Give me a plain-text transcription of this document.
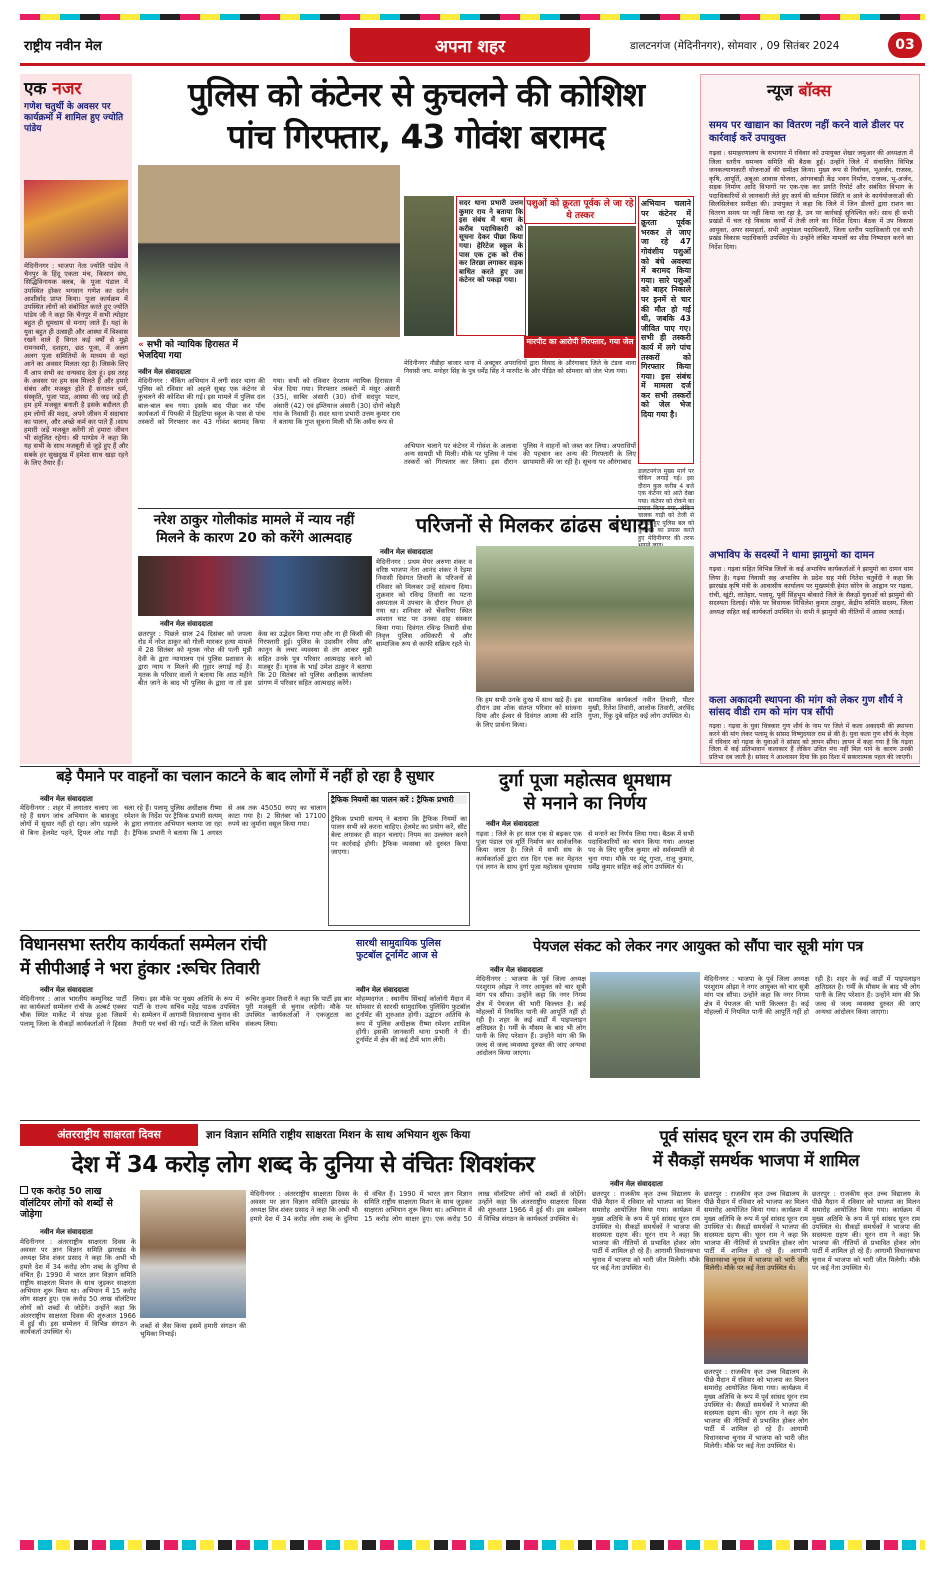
राष्ट्रीय नवीन मेल	अपना शहर	डालटनगंज (मेदिनीनगर), सोमवार , 09 सितंबर 2024	03
एक नजर
गणेश चतुर्थी के अवसर पर कार्यक्रमों में शामिल हुए ज्योति पांडेय
मेदिनीनगर : भाजपा नेता ज्योति पांडेय ने चैनपुर के हिंदू एकता मंच, किसान संघ, सिद्धिविनायक क्लब, के पूजा पंडाल में उपस्थित होकर भगवान गणेश का दर्शन आशीर्वाद प्राप्त किया। पूजा कार्यक्रम में उपस्थित लोगों को संबोधित करते हुए ज्योति पांडेय जी ने कहा कि चैनपुर में सभी त्योहार बहुत ही धूमधाम से मनाए जाते हैं। यहां के युवा बहुत ही उत्साही और आस्था में विश्वास रखने वाले हैं विगत कई वर्षों से मुझे रामनवमी, दशहरा, छठ पूजा, में अलग अलग पूजा समितियों के माध्यम से यहां आने का अवसर मिलता रहा है। जिसके लिए मैं आप सभी का धन्यवाद देता हूं। इस तरह के अवसर पर हम सब मिलते हैं और हमारे संबंध और मजबूत होते हैं सनातन धर्म, संस्कृति, पूजा पाठ, आस्था की जड़ जड़ें ही हम हमें मजबूत बनाती है इसके बदौलत ही हम लोगों की मदद, अपने जीवन में सदाचार का पालन, और अच्छे कर्म कर पाते हैं ।साथ हमारी जड़ें मजबूत करेंगी तो हमारा जीवन भी संतुलित रहेगा। श्री पाण्डेय ने कहा कि यह सभी के साथ मजबूती से जुड़े हुए हैं और सबके हर सुखदुख में हमेशा साथ खड़ा रहने के लिए तैयार हैं।
पुलिस को कंटेनर से कुचलने की कोशिश
पांच गिरफ्तार, 43 गोवंश बरामद
« सभी को न्यायिक हिरासत में भेजदिया गया
नवीन मेल संवाददाता
मेदिनीनगर : चैंकिंग अभियान में लगी सदर थाना की पुलिस को रविवार को अहले सुबह एक कंटेनर से कुचलने की कोशिश की गई। इस मामले में पुलिस दल बाल-बाल बच गया। इसके बाद पीछा कर पाँच कार्यकर्ता में पियकी में डिहटिया स्कूल के पास से पांच तस्करों को गिरफ्तार कर 43 गोवंश बरामद किया गया। सभी को रविवार देरशाम न्यायिक हिरासत में भेज दिया गया। गिरफ्तार तस्करों में मंसूर अंसारी (35), साबिर अंसारी (30) दोनों सदपुर पाटन, अंसारी (42) एवं इम्तियाज अंसारी (30) दोनों कोइरी गांव के निवासी हैं। सदर थाना प्रभारी उत्तम कुमार राय ने बताया कि गुप्त सूचना मिली थी कि अवैध रूप से
सदर थाना प्रभारी उत्तम कुमार राय ने बताया कि इस संबंध में थाना के करीब पदाधिकारी को सूचना देकर पीछा किया गया। हेरिटेज स्कूल के पास एक ट्रक को रोक कर तिरछा लगाकर सड़क बाधित करते हुए उस कंटेनर को पकड़ा गया।
पशुओं को क्रूरता पूर्वक ले जा रहे थे तस्कर
अभियान चलाने पर कंटेनर में क्रूरता पूर्वक भरकर ले जाए जा रहे 47 गोवंशीय पशुओं को बंधे अवस्था में बरामद किया गया। सारे पशुओं को बाहर निकाले पर इनमें से चार की मौत हो गई थी, जबकि 43 जीवित पाए गए। सभी ही तस्करी कार्य में लगे पांच तस्करों को गिरफ्तार किया गया। इस संबंध में मामला दर्ज कर सभी तस्करों को जेल भेज दिया गया है।
मारपीट का आरोपी गिरफ्तार, गया जेल
मेदिनीनगर नौडीहा बाजार थाना में अक्टूबर अपराधियों द्वारा विवाद के औरंगाबाद जिले के टंडवा थाना निवासी जय. मनोहर सिंह के पुत्र धर्मेंद्र सिंह ने मारपीट के और पीड़ित को सोमवार को जेल भेजा गया।
अभियान चलाने पर कंटेनर में गोवंश के अलावा अन्य सामग्री भी मिली। मौके पर पुलिस ने पांच तस्करों को गिरफ्तार कर लिया। इस दौरान पुलिस ने वाहनों को जब्त कर लिया। अपराधियों की पहचान कर अन्य की गिरफ्तारी के लिए छापामारी की जा रही है। सूचना पर औरंगाबाद
डालटनगंज मुख्य मार्ग पर चेकिंग लगाई गई। इस दौरान कुल करीब 4 बजे एक कंटेनर को आते देखा गया। कंटेनर को रोकने का चालक गाड़ी को तेजी से चलाते हुए पुलिस बल को कुचलते का प्रयास करते हुए मेदिनीनगर की तरफ
न्यूज बॉक्स
समय पर खाद्यान का वितरण नहीं करने वाले डीलर पर कार्रवाई करें उपायुक्त
गढ़वा : समाहरणालय के सभागार में रविवार को उपायुक्त शेखर जमुआर की अध्यक्षता में जिला स्तरीय समन्वय समिति की बैठक हुई। उन्होंने जिले में संचालित विभिन्न जनकल्याणकारी योजनाओं की समीक्षा किया। मुख्य रूप से निर्वाचन, भूअर्जन, राजस्व, कृषि, आपूर्ति, अबुआ आवास योजना, आंगनबाड़ी केंद्र भवन निर्माण, राजस्व, भू-अर्जन, सड़क निर्माण आदि विभागों पर एक-एक कर प्रगति रिपोर्ट और संबंधित विभाग के पदाधिकारियों से जानकारी लेते हुए कार्य की वर्तमान स्थिति व आने के कार्ययोजनाओं की सिलसिलेवार समीक्षा की। उपायुक्त ने कहा कि जिले में जिन डीलरों द्वारा राशन का वितरण समय पर नहीं किया जा रहा है, उन पर कार्रवाई सुनिश्चित करें। साथ ही सभी प्रखंडों में चल रहे विकास कार्यों में तेजी लाने का निर्देश दिया। बैठक में उप विकास आयुक्त, अपर समाहर्ता, सभी अनुमंडल पदाधिकारी, जिला स्तरीय पदाधिकारी एवं सभी प्रखंड विकास पदाधिकारी उपस्थित थे। उन्होंने लंबित मामलों का शीघ्र निष्पादन करने का निर्देश दिया।
अभाविप के सदस्यों ने थामा झामुमो का दामन
गढ़वा : गढ़वा सहित विभिन्न जिलों के कई अभाविप कार्यकर्ताओं ने झामुमो का दामन थाम लिया है। गढ़वा निवासी सह अभाविप के प्रदेश सह मंत्री नितेश चतुर्वेदी ने कहा कि झारखंड कृषि मंत्री के आवासीय कार्यालय पर मुख्यमंत्री हेमंत सोरेन के आह्वान पर गढ़वा, रांची, खूंटी, लातेहार, पलामू, पूर्वी सिंहभूम बोकारो जिले के सैकड़ों युवाओं को झामुमो की सदस्यता दिलाई। मौके पर विधायक मिथिलेश कुमार ठाकुर, केंद्रीय समिति सदस्य, जिला अध्यक्ष सहित कई कार्यकर्ता उपस्थित थे। सभी ने झामुमो की नीतियों में आस्था जताई।
कला अकादमी स्थापना की मांग को लेकर गुण शौर्य ने सांसद वीडी राम को मांग पत्र सौंपी
गढ़वा : गढ़वा के युवा चित्रकार गुण शौर्य के नाम पर जिले में कला अकादमी की स्थापना करने की मांग लेकर पलामू के सांसद विष्णुदयाल राम से की है। युवा कला गुण शौर्य के नेतृत्व में रविवार को गढ़वा के युवाओं ने सांसद को ज्ञापन सौंपा। ज्ञापन में कहा गया है कि गढ़वा जिला में कई प्रतिभावान कलाकार हैं लेकिन उचित मंच नहीं मिल पाने के कारण उनकी प्रतिभा दब जाती है। सांसद ने आश्वासन दिया कि इस दिशा में सकारात्मक पहल की जाएगी।
नरेश ठाकुर गोलीकांड मामले में न्याय नहीं
मिलने के कारण 20 को करेंगे आत्मदाह
नवीन मेल संवाददाता
छतरपुर : पिछले साल 24 दिसंबर को जपला रोड में नरेश ठाकुर को गोली मारकर हत्या मामले में 28 सितंबर को मृतक नरेश की पत्नी मुन्नी देवी के द्वारा न्यायालय एवं पुलिस प्रशासन के द्वारा न्याय न मिलने की गुहार लगाई गई है। मृतक के परिवार वालों ने बताया कि आठ महीने बीत जाने के बाद भी पुलिस के द्वारा ना तो इस केस का उद्भेदन किया गया और ना ही किसी की गिरफ्तारी हुई। पुलिस के उदासीन रवैया और कानून के लचर व्यवस्था से तंग आकर मुन्नी सहित उनके पुत्र परिवार आत्मदाह करने को मजबूर हैं। मृतक के भाई उमेश ठाकुर ने बताया कि 20 सितंबर को पुलिस अधीक्षक कार्यालय प्रांगण में परिवार सहित आत्मदाह करेंगे।
परिजनों से मिलकर ढांढस बंधाया
नवीन मेल संवाददाता
मेदिनीनगर : प्रथम मेयर अरुणा शंकर व वरिष्ठ भाजपा नेता आनंद शंकर ने रेड़मा निवासी दिवंगत तिवारी के परिजनों से रविवार को मिलकर उन्हें सांत्वना दिया। शुक्रवार को रविन्द्र तिवारी का पटना अस्पताल में उपचार के दौरान निधन हो गया था। शनिवार को चेंकरिया स्थित श्मशान घाट पर उनका दाह संस्कार किया गया। दिवंगत रविन्द्र तिवारी सेवा निवृत्त पुलिस अधिकारी थे और सामाजिक रूप से काफी सक्रिय रहते थे।
कि हम सभी उनके दुःख में साथ खड़े हैं। इस दौरान उस शोक संतप्त परिवार को सांत्वना दिया और ईश्वर से दिवंगत आत्मा की शांति के लिए प्रार्थना किया।
सामाजिक कार्यकर्ता नवीन तिवारी, पीटर मुखी, रितेश तिवारी, आलोक तिवारी, अरविंद गुप्ता, रिंकु दुबे सहित कई लोग उपस्थित थे।
बड़े पैमाने पर वाहनों का चलान काटने के बाद लोगों में नहीं हो रहा है सुधार
नवीन मेल संवाददाता
मेदिनीनगर : शहर में लगातार चलाए जा रहे हैं सघन जांच अभियान के बावजूद लोगों में सुधार नहीं हो रहा। लोग धड़ल्ले से बिना हेलमेट पहने, ट्रिपल लोड गाड़ी चला रहे हैं। पलामू पुलिस अधीक्षक रीष्मा रमेशन के निर्देश पर ट्रैफिक प्रभारी सत्यम् के द्वारा लगातार अभियान चलाया जा रहा है। ट्रैफिक प्रभारी ने बताया कि 1 अगस्त से अब तक 45050 रुपए का चालान काटा गया है। 2 सितंबर को 17100 रुपये का जुर्माना वसूल किया गया।
ट्रैफिक नियमों का पालन करें : ट्रैफिक प्रभारी
ट्रैफिक प्रभारी सत्यम् ने बताया कि ट्रैफिक नियमों का पालन सभी को करना चाहिए। हेलमेट का प्रयोग करें, सीट बेल्ट लगाकर ही वाहन चलाएं। नियम का उल्लंघन करने पर कार्रवाई होगी। ट्रैफिक व्यवस्था को दुरुस्त किया जाएगा।
दुर्गा पूजा महोत्सव धूमधाम
से मनाने का निर्णय
नवीन मेल संवाददाता
गढ़वा : जिले के हर साल एक से बढ़कर एक पूजा पंडाल एवं मूर्ति निर्माण कर सार्वजनिक किया जाता है। जिले में सभी संघ के कार्यकर्ताओं द्वारा रात दिन एक कर मेहनत एवं लगन के साथ दुर्गा पूजा महोत्सव धूमधाम से मनाने का निर्णय लिया गया। बैठक में सभी पदाधिकारियों का चयन किया गया। अध्यक्ष पद के लिए सुनील कुमार को सर्वसम्मति से चुना गया। मौके पर मंटू गुप्ता, राजू कुमार, धर्मेंद्र कुमार सहित कई लोग उपस्थित थे।
विधानसभा स्तरीय कार्यकर्ता सम्मेलन रांची
में सीपीआई ने भरा हुंकार :रूचिर तिवारी
नवीन मेल संवाददाता
मेदिनीनगर : आज भारतीय कम्युनिस्ट पार्टी का कार्यकर्ता सम्मेलन रांची के अल्बर्ट एक्का चौक स्थित मार्केट में संपन्न हुआ जिसमें पलामू जिला के सैकड़ों कार्यकर्ताओं ने हिस्सा लिया। इस मौके पर मुख्य अतिथि के रूप में पार्टी के राज्य सचिव महेंद्र पाठक उपस्थित थे। सम्मेलन में आगामी विधानसभा चुनाव की तैयारी पर चर्चा की गई। पार्टी के जिला सचिव रूचिर कुमार तिवारी ने कहा कि पार्टी इस बार पूरी मजबूती से चुनाव लड़ेगी। मौके पर उपस्थित कार्यकर्ताओं ने एकजुटता का संकल्प लिया।
सारथी सामुदायिक पुलिस फुटबॉल टूर्नामेंट आज से
नवीन मेल संवाददाता
मोहम्मदगंज : स्थानीय सिंचाई कॉलोनी मैदान में सोमवार से सारथी सामुदायिक पुलिसिंग फुटबॉल टूर्नामेंट की शुरुआत होगी। उद्घाटन अतिथि के रूप में पुलिस अधीक्षक रीष्मा रमेशन शामिल होंगी। इसकी जानकारी थाना प्रभारी ने दी। टूर्नामेंट में क्षेत्र की कई टीमें भाग लेंगी।
पेयजल संकट को लेकर नगर आयुक्त को सौंपा चार सूत्री मांग पत्र
नवीन मेल संवाददाता
मेदिनीनगर : भाजपा के पूर्व जिला अध्यक्ष परशुराम ओझा ने नगर आयुक्त को चार सूत्री मांग पत्र सौंपा। उन्होंने कहा कि नगर निगम क्षेत्र में पेयजल की भारी किल्लत है। कई मोहल्लों में नियमित पानी की आपूर्ति नहीं हो रही है। शहर के कई वार्डों में पाइपलाइन क्षतिग्रस्त है। गर्मी के मौसम के बाद भी लोग पानी के लिए परेशान हैं। उन्होंने मांग की कि जल्द से जल्द व्यवस्था दुरुस्त की जाए अन्यथा आंदोलन किया जाएगा।
मेदिनीनगर : भाजपा के पूर्व जिला अध्यक्ष परशुराम ओझा ने नगर आयुक्त को चार सूत्री मांग पत्र सौंपा। उन्होंने कहा कि नगर निगम क्षेत्र में पेयजल की भारी किल्लत है। कई मोहल्लों में नियमित पानी की आपूर्ति नहीं हो रही है। शहर के कई वार्डों में पाइपलाइन क्षतिग्रस्त है। गर्मी के मौसम के बाद भी लोग पानी के लिए परेशान हैं। उन्होंने मांग की कि जल्द से जल्द व्यवस्था दुरुस्त की जाए अन्यथा आंदोलन किया जाएगा।
अंतरराष्ट्रीय साक्षरता दिवस	ज्ञान विज्ञान समिति राष्ट्रीय साक्षरता मिशन के साथ अभियान शुरू किया
देश में 34 करोड़ लोग शब्द के दुनिया से वंचितः शिवशंकर
एक करोड़ 50 लाख वॉलंटियर लोगों को शब्दों से जोड़ेगा
नवीन मेल संवाददाता
मेदिनीनगर : अंतरराष्ट्रीय साक्षरता दिवस के अवसर पर ज्ञान विज्ञान समिति झारखंड के अध्यक्ष शिव शंकर प्रसाद ने कहा कि अभी भी हमारे देश में 34 करोड़ लोग शब्द के दुनिया से वंचित हैं। 1990 में भारत ज्ञान विज्ञान समिति राष्ट्रीय साक्षरता मिशन के साथ जुड़कर साक्षरता अभियान शुरू किया था। अभियान में 15 करोड़ लोग साक्षर हुए। एक करोड़ 50 लाख वॉलंटियर लोगों को शब्दों से जोड़ेंगे। उन्होंने कहा कि अंतरराष्ट्रीय साक्षरता दिवस की शुरुआत 1966 में हुई थी। इस सम्मेलन में विभिन्न संगठन के कार्यकर्ता उपस्थित थे।
शब्दों से लैस किया इसमें हमारी संगठन की भूमिका निभाई।
मेदिनीनगर : अंतरराष्ट्रीय साक्षरता दिवस के अवसर पर ज्ञान विज्ञान समिति झारखंड के अध्यक्ष शिव शंकर प्रसाद ने कहा कि अभी भी हमारे देश में 34 करोड़ लोग शब्द के दुनिया से वंचित हैं। 1990 में भारत ज्ञान विज्ञान समिति राष्ट्रीय साक्षरता मिशन के साथ जुड़कर साक्षरता अभियान शुरू किया था। अभियान में 15 करोड़ लोग साक्षर हुए। एक करोड़ 50 लाख वॉलंटियर लोगों को शब्दों से जोड़ेंगे। उन्होंने कहा कि अंतरराष्ट्रीय साक्षरता दिवस की शुरुआत 1966 में हुई थी। इस सम्मेलन में विभिन्न संगठन के कार्यकर्ता उपस्थित थे।
पूर्व सांसद घूरन राम की उपस्थिति
में सैकड़ों समर्थक भाजपा में शामिल
नवीन मेल संवाददाता
छतरपुर : राजकीय कृत उच्च विद्यालय के पीछे मैदान में रविवार को भाजपा का मिलन समारोह आयोजित किया गया। कार्यक्रम में मुख्य अतिथि के रूप में पूर्व सांसद घूरन राम उपस्थित थे। सैकड़ों समर्थकों ने भाजपा की सदस्यता ग्रहण की। घूरन राम ने कहा कि भाजपा की नीतियों से प्रभावित होकर लोग पार्टी में शामिल हो रहे हैं। आगामी विधानसभा चुनाव में भाजपा को भारी जीत मिलेगी। मौके पर कई नेता उपस्थित थे।
छतरपुर : राजकीय कृत उच्च विद्यालय के पीछे मैदान में रविवार को भाजपा का मिलन समारोह आयोजित किया गया। कार्यक्रम में मुख्य अतिथि के रूप में पूर्व सांसद घूरन राम उपस्थित थे। सैकड़ों समर्थकों ने भाजपा की सदस्यता ग्रहण की। घूरन राम ने कहा कि भाजपा की नीतियों से प्रभावित होकर लोग पार्टी में शामिल हो रहे हैं। आगामी विधानसभा चुनाव में भाजपा को भारी जीत मिलेगी। मौके पर कई नेता उपस्थित थे।
छतरपुर : राजकीय कृत उच्च विद्यालय के पीछे मैदान में रविवार को भाजपा का मिलन समारोह आयोजित किया गया। कार्यक्रम में मुख्य अतिथि के रूप में पूर्व सांसद घूरन राम उपस्थित थे। सैकड़ों समर्थकों ने भाजपा की सदस्यता ग्रहण की। घूरन राम ने कहा कि भाजपा की नीतियों से प्रभावित होकर लोग पार्टी में शामिल हो रहे हैं। आगामी विधानसभा चुनाव में भाजपा को भारी जीत मिलेगी। मौके पर कई नेता उपस्थित थे।
छतरपुर : राजकीय कृत उच्च विद्यालय के पीछे मैदान में रविवार को भाजपा का मिलन समारोह आयोजित किया गया। कार्यक्रम में मुख्य अतिथि के रूप में पूर्व सांसद घूरन राम उपस्थित थे। सैकड़ों समर्थकों ने भाजपा की सदस्यता ग्रहण की। घूरन राम ने कहा कि भाजपा की नीतियों से प्रभावित होकर लोग पार्टी में शामिल हो रहे हैं। आगामी विधानसभा चुनाव में भाजपा को भारी जीत मिलेगी। मौके पर कई नेता उपस्थित थे।
